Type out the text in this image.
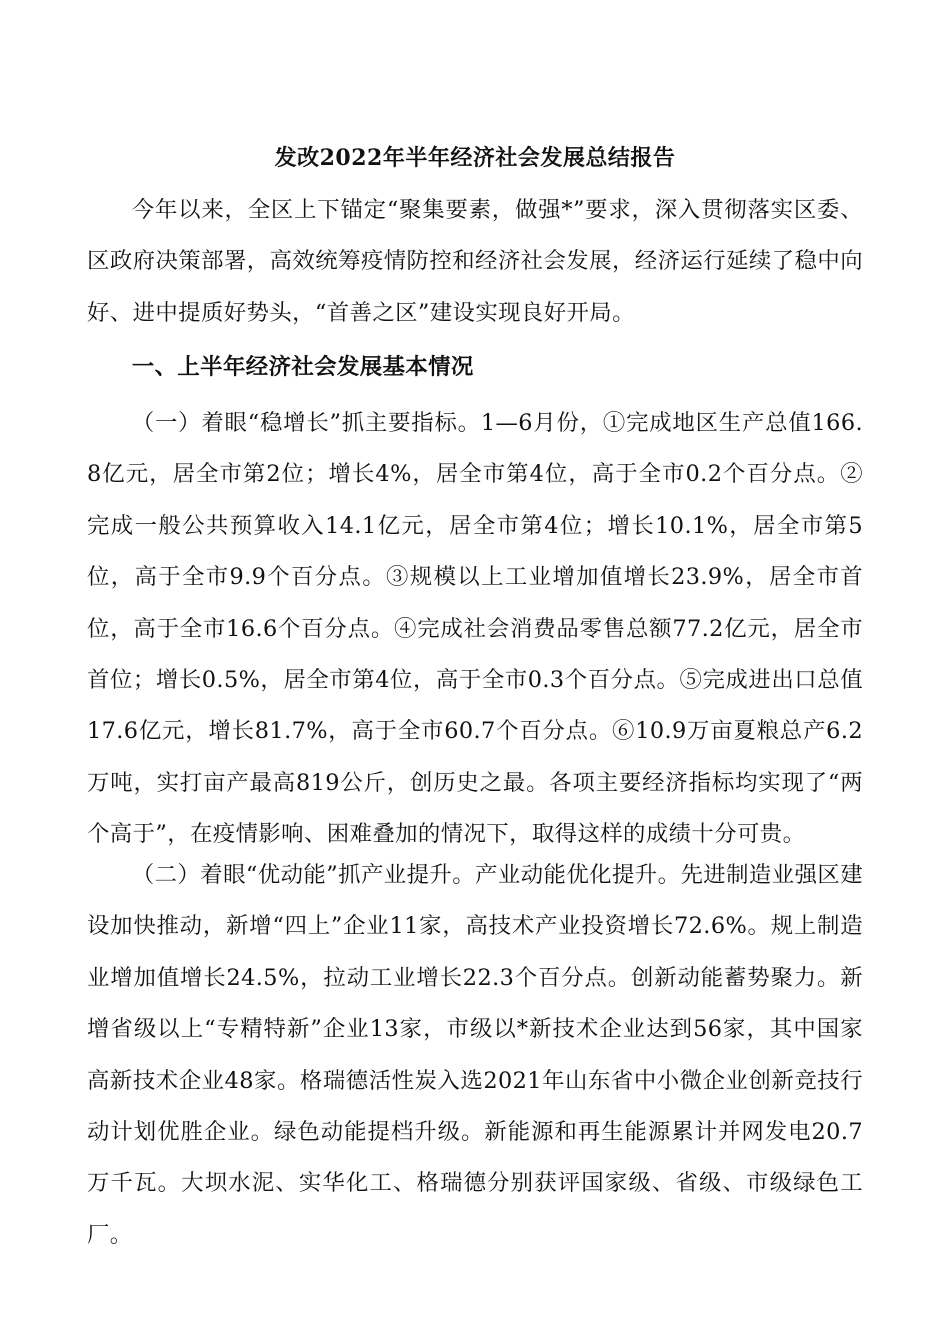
发改2022年半年经济社会发展总结报告

今年以来，全区上下锚定“聚集要素，做强*”要求，深入贯彻落实区委、区政府决策部署，高效统筹疫情防控和经济社会发展，经济运行延续了稳中向好、进中提质好势头，“首善之区”建设实现良好开局。

一、上半年经济社会发展基本情况

（一）着眼“稳增长”抓主要指标。1—6月份，①完成地区生产总值166.8亿元，居全市第2位；增长4%，居全市第4位，高于全市0.2个百分点。②完成一般公共预算收入14.1亿元，居全市第4位；增长10.1%，居全市第5位，高于全市9.9个百分点。③规模以上工业增加值增长23.9%，居全市首位，高于全市16.6个百分点。④完成社会消费品零售总额77.2亿元，居全市首位；增长0.5%，居全市第4位，高于全市0.3个百分点。⑤完成进出口总值17.6亿元，增长81.7%，高于全市60.7个百分点。⑥10.9万亩夏粮总产6.2万吨，实打亩产最高819公斤，创历史之最。各项主要经济指标均实现了“两个高于”，在疫情影响、困难叠加的情况下，取得这样的成绩十分可贵。

（二）着眼“优动能”抓产业提升。产业动能优化提升。先进制造业强区建设加快推动，新增“四上”企业11家，高技术产业投资增长72.6%。规上制造业增加值增长24.5%，拉动工业增长22.3个百分点。创新动能蓄势聚力。新增省级以上“专精特新”企业13家，市级以*新技术企业达到56家，其中国家高新技术企业48家。格瑞德活性炭入选2021年山东省中小微企业创新竞技行动计划优胜企业。绿色动能提档升级。新能源和再生能源累计并网发电20.7万千瓦。大坝水泥、实华化工、格瑞德分别获评国家级、省级、市级绿色工厂。
